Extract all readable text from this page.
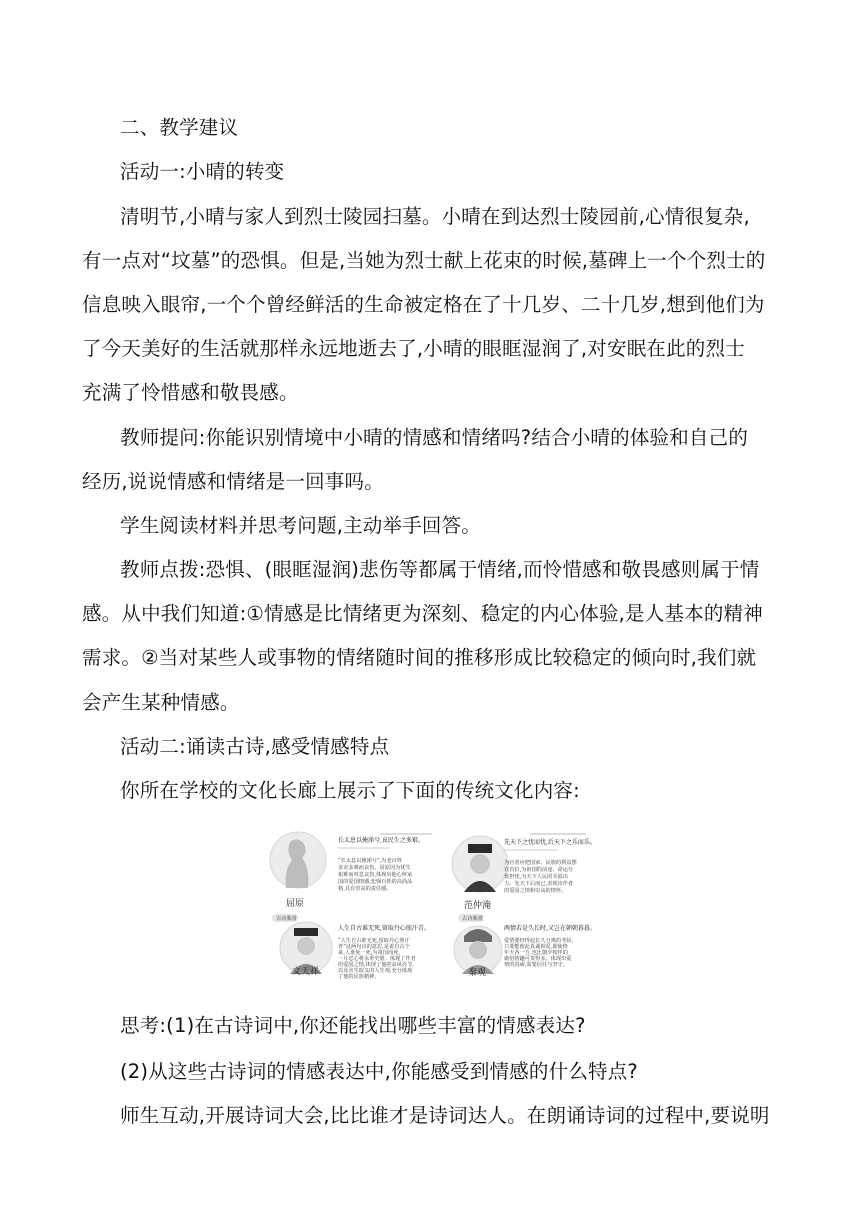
二、教学建议
活动一:小晴的转变
清明节,小晴与家人到烈士陵园扫墓。小晴在到达烈士陵园前,心情很复杂,
有一点对“坟墓”的恐惧。但是,当她为烈士献上花束的时候,墓碑上一个个烈士的
信息映入眼帘,一个个曾经鲜活的生命被定格在了十几岁、二十几岁,想到他们为
了今天美好的生活就那样永远地逝去了,小晴的眼眶湿润了,对安眠在此的烈士
充满了怜惜感和敬畏感。
教师提问:你能识别情境中小晴的情感和情绪吗?结合小晴的体验和自己的
经历,说说情感和情绪是一回事吗。
学生阅读材料并思考问题,主动举手回答。
教师点拨:恐惧、(眼眶湿润)悲伤等都属于情绪,而怜惜感和敬畏感则属于情
感。从中我们知道:①情感是比情绪更为深刻、稳定的内心体验,是人基本的精神
需求。②当对某些人或事物的情绪随时间的推移形成比较稳定的倾向时,我们就
会产生某种情感。
活动二:诵读古诗,感受情感特点
你所在学校的文化长廊上展示了下面的传统文化内容:
屈原
长太息以掩涕兮,哀民生之多艰。
“长太息以掩涕兮”,为老百姓
多灾多难而哀伤。屈原因为忧生
艰难而叹息哀伤,体现出他心怀家
国的爱国情感,悲悯百姓的高尚品
格,具有崇高的责任感。
范仲淹
先天下之忧而忧,后天下之乐而乐。
为官者应把国家、民族的利益摆
在首位,为祖国的前途、命运分
忧担忧,为天下人民的幸福出
力。先天下后而已,表现出作者
的爱国之情和崇高的情怀。
古诗鉴赏
文天祥
人生自古谁无死,留取丹心照汗青。
“人生自古谁无死,留取丹心照汗
青”这两句诗的意思,是说自古个
来,人谁免一死,为祖国而死,
一片忠心将永垂史册。体现了作者
的爱国之情,体现了他的高风亮节,
以及舍生取义的人生观,充分体现
了他的民族精神。
古诗鉴赏
秦观
两情若是久长时,又岂在朝朝暮暮。
爱情要经得起长久分离的考验,
只要能彼此真诚相爱,即使终
年天各一方,也比朝夕相伴的
庸俗情趣可贵得多。体现出爱
情的真谛,需要信任与坚守。
思考:(1)在古诗词中,你还能找出哪些丰富的情感表达?
(2)从这些古诗词的情感表达中,你能感受到情感的什么特点?
师生互动,开展诗词大会,比比谁才是诗词达人。在朗诵诗词的过程中,要说明
